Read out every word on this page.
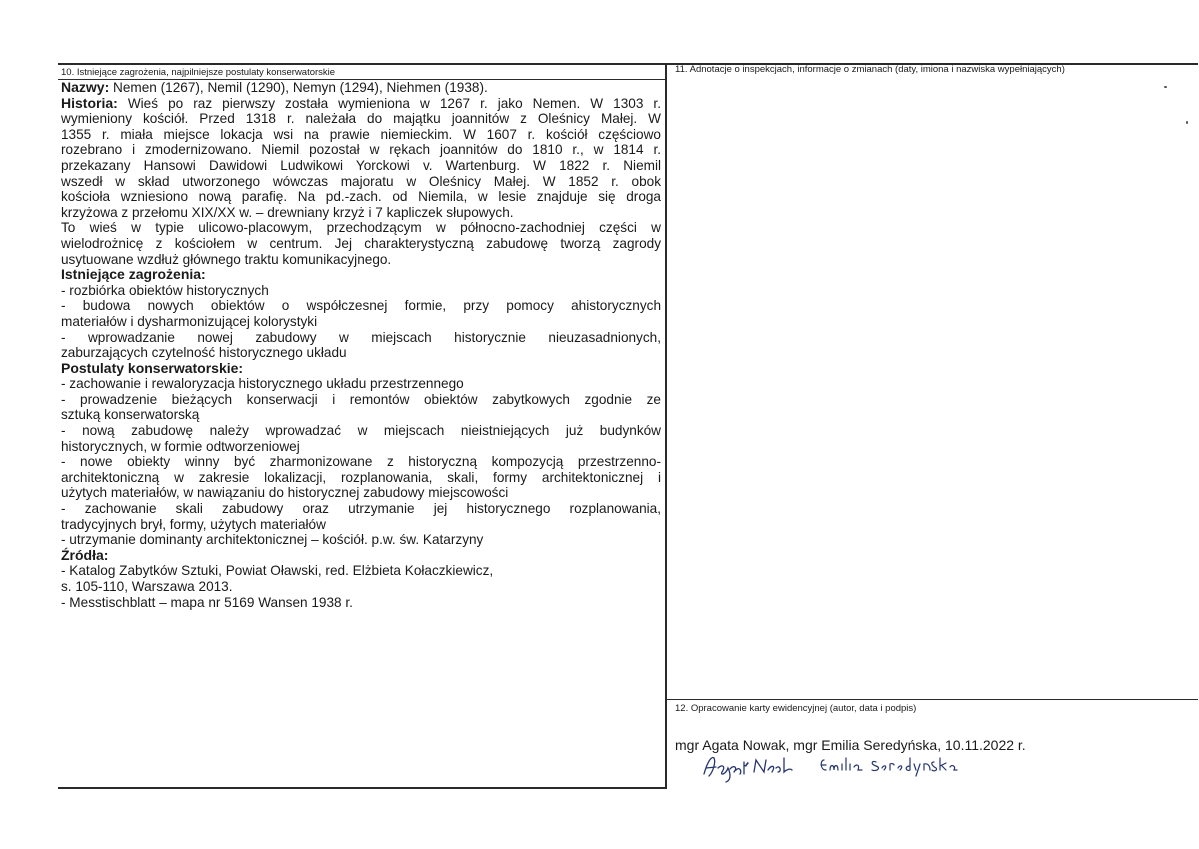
10. Istniejące zagrożenia, najpilniejsze postulaty konserwatorskie
Nazwy: Nemen (1267), Nemil (1290), Nemyn (1294), Niehmen (1938).
Historia: Wieś po raz pierwszy została wymieniona w 1267 r. jako Nemen. W 1303 r.
wymieniony kościół. Przed 1318 r. należała do majątku joannitów z Oleśnicy Małej. W
1355 r. miała miejsce lokacja wsi na prawie niemieckim. W 1607 r. kościół częściowo
rozebrano i zmodernizowano. Niemil pozostał w rękach joannitów do 1810 r., w 1814 r.
przekazany Hansowi Dawidowi Ludwikowi Yorckowi v. Wartenburg. W 1822 r. Niemil
wszedł w skład utworzonego wówczas majoratu w Oleśnicy Małej. W 1852 r. obok
kościoła wzniesiono nową parafię. Na pd.-zach. od Niemila, w lesie znajduje się droga
krzyżowa z przełomu XIX/XX w. – drewniany krzyż i 7 kapliczek słupowych.
To wieś w typie ulicowo-placowym, przechodzącym w północno-zachodniej części w
wielodrożnicę z kościołem w centrum. Jej charakterystyczną zabudowę tworzą zagrody
usytuowane wzdłuż głównego traktu komunikacyjnego.
Istniejące zagrożenia:
- rozbiórka obiektów historycznych
- budowa nowych obiektów o współczesnej formie, przy pomocy ahistorycznych
materiałów i dysharmonizującej kolorystyki
- wprowadzanie nowej zabudowy w miejscach historycznie nieuzasadnionych,
zaburzających czytelność historycznego układu
Postulaty konserwatorskie:
- zachowanie i rewaloryzacja historycznego układu przestrzennego
- prowadzenie bieżących konserwacji i remontów obiektów zabytkowych zgodnie ze
sztuką konserwatorską
- nową zabudowę należy wprowadzać w miejscach nieistniejących już budynków
historycznych, w formie odtworzeniowej
- nowe obiekty winny być zharmonizowane z historyczną kompozycją przestrzenno-
architektoniczną w zakresie lokalizacji, rozplanowania, skali, formy architektonicznej i
użytych materiałów, w nawiązaniu do historycznej zabudowy miejscowości
- zachowanie skali zabudowy oraz utrzymanie jej historycznego rozplanowania,
tradycyjnych brył, formy, użytych materiałów
- utrzymanie dominanty architektonicznej – kościół. p.w. św. Katarzyny
Źródła:
- Katalog Zabytków Sztuki, Powiat Oławski, red. Elżbieta Kołaczkiewicz,
s. 105-110, Warszawa 2013.
- Messtischblatt – mapa nr 5169 Wansen 1938 r.
11. Adnotacje o inspekcjach, informacje o zmianach (daty, imiona i nazwiska wypełniających)
12. Opracowanie karty ewidencyjnej (autor, data i podpis)
mgr Agata Nowak, mgr Emilia Seredyńska, 10.11.2022 r.
